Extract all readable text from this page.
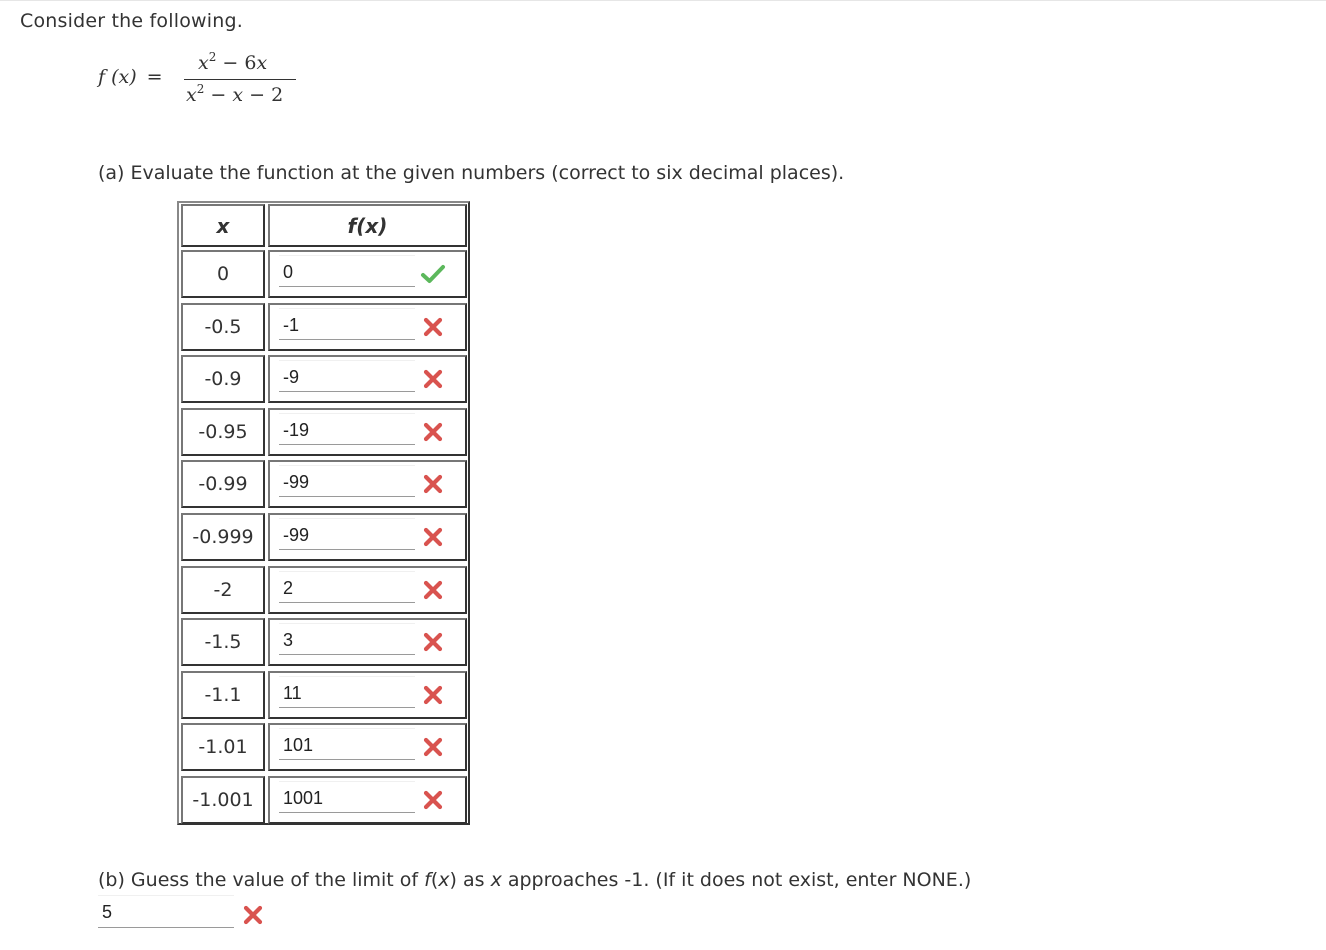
Consider the following.
f (x) =
$x^2 - 6x$
$x^2 - x - 2$
(a) Evaluate the function at the given numbers (correct to six decimal places).
x	f(x)
0
0
-0.5
-1
-0.9
-9
-0.95
-19
-0.99
-99
-0.999
-99
-2
2
-1.5
3
-1.1
11
-1.01
101
-1.001
1001
(b) Guess the value of the limit of f(x) as x approaches -1. (If it does not exist, enter NONE.)
5
